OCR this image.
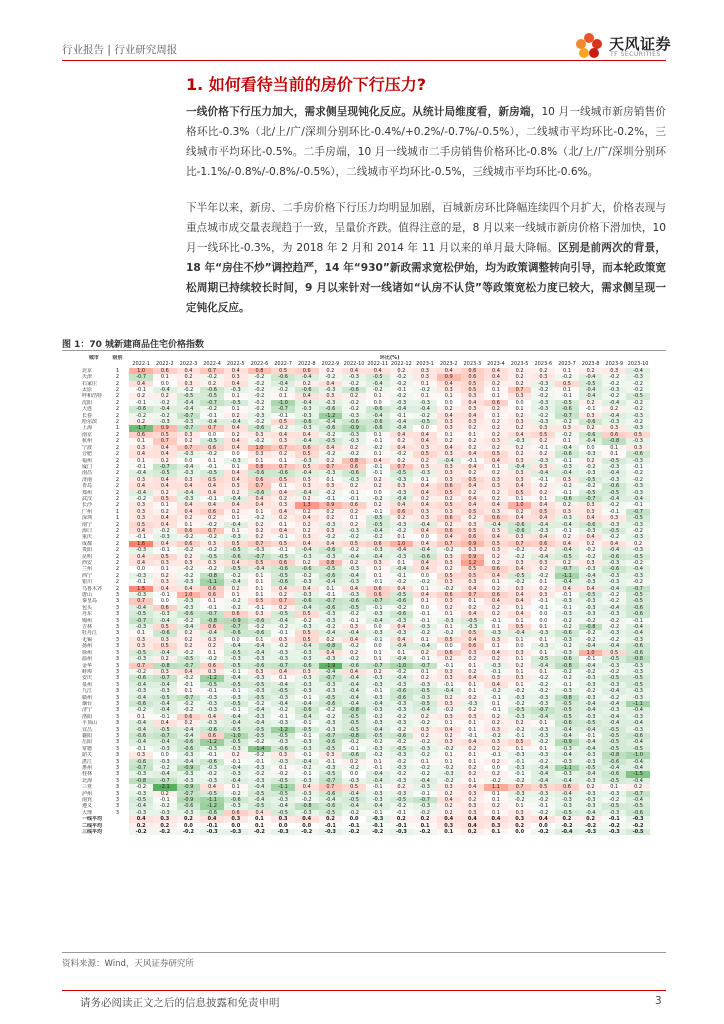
行业报告 | 行业研究周报	天风证券
TF SECURITIES
1. 如何看待当前的房价下行压力?
一线价格下行压力加大，需求侧呈现钝化反应。从统计局维度看，新房端，10 月一线城市新房销售价格环比-0.3%（北/上/广/深圳分别环比-0.4%/+0.2%/-0.7%/-0.5%），二线城市平均环比-0.2%，三线城市平均环比-0.5%。二手房端，10 月一线城市二手房销售价格环比-0.8%（北/上/广/深圳分别环比-1.1%/-0.8%/-0.8%/-0.5%），二线城市平均环比-0.5%，三线城市平均环比-0.6%。
下半年以来，新房、二手房价格下行压力均明显加剧，百城新房环比降幅连续四个月扩大，价格表现与重点城市成交量表现趋于一致，呈量价齐跌。值得注意的是，8 月以来一线城市新房价格下滑加快，10 月一线环比-0.3%，为 2018 年 2 月和 2014 年 11 月以来的单月最大降幅。区别是前两次的背景，18 年“房住不炒”调控趋严，14 年“930”新政需求宽松伊始，均为政策调整转向引导，而本轮政策宽松周期已持续较长时间，9 月以来针对一线诸如“认房不认贷”等政策宽松力度已较大，需求侧呈现一定钝化反应。
图 1：70 城新建商品住宅价格指数
城市	级别	环比(%)																					
		2022-1	2022-2	2022-3	2022-4	2022-5	2022-6	2022-7	2022-8	2022-9	2022-10	2022-11	2022-12	2023-1	2023-2	2023-3	2023-4	2023-5	2023-6	2023-7	2023-8	2023-9	2023-10
北京	1	1.0	0.6	0.4	0.7	0.4	0.8	0.5	0.6	0.2	0.4	0.4	0.2	0.3	0.4	0.6	0.4	0.2	0.2	0.1	0.2	0.3	-0.4
天津	2	-0.7	0.1	0.2	-0.2	0.3	-0.2	-0.6	-0.4	-0.2	-0.3	-0.5	-0.2	0.3	0.9	0.6	0.4	0.2	0.3	-0.2	-0.4	-0.2	-0.3
石家庄	2	0.4	0.0	0.3	0.2	0.4	-0.2	-0.4	0.2	0.4	-0.2	-0.4	-0.2	0.1	0.4	0.5	0.2	0.2	-0.3	0.5	-0.5	-0.2	-0.2
太原	2	-0.1	-0.4	-0.2	-0.6	-0.3	-0.2	-0.2	-0.6	-0.3	-0.6	-0.2	-0.1	-0.2	0.3	0.5	0.1	0.7	-0.2	0.1	-0.4	-0.3	-0.2
呼和浩特	2	0.2	0.2	-0.5	-0.5	0.1	-0.2	0.1	0.4	0.3	0.2	0.1	-0.2	0.1	0.1	0.3	0.1	0.3	-0.2	-0.1	-0.4	-0.2	-0.5
沈阳	2	-0.1	-0.2	-0.4	-0.7	-0.5	-0.2	-1.0	-0.4	-0.3	-0.2	0.0	-0.3	-0.3	0.0	0.4	0.6	0.0	-0.3	-0.5	0.2	-0.4	-0.2
大连	2	-0.6	-0.4	-0.4	-0.2	0.1	-0.2	-0.7	-0.3	-0.6	-0.2	-0.6	-0.4	-0.4	0.2	0.3	0.2	0.1	-0.3	-0.6	-0.1	0.2	-0.2
长春	2	-0.2	-0.2	-0.7	-0.1	0.2	-0.3	-0.1	-0.3	-1.2	-0.3	-0.4	-0.1	-0.2	0.4	0.4	0.1	0.2	-0.2	-0.7	0.3	-0.4	-0.3
哈尔滨	2	0.2	-0.3	-0.3	-0.4	-0.4	-0.2	0.5	-0.6	-0.4	-0.6	-0.6	-0.4	-0.5	0.3	0.3	0.2	0.3	-0.3	-0.2	-0.6	-0.3	-0.2
上海	1	-1.7	0.9	-0.7	0.7	0.4	-0.6	-0.2	-0.3	-0.6	-0.9	-0.6	-0.4	0.0	0.3	0.2	0.2	0.2	0.3	0.3	0.2	0.3	-0.3
南京	2	0.6	0.5	0.3	0.0	0.2	0.3	0.4	0.4	-0.2	-0.3	0.1	0.4	0.4	0.1	0.1	0.2	0.4	0.5	-0.2	-0.6	0.6	0.5
杭州	2	0.1	0.7	0.2	-0.5	0.4	-0.2	0.3	-0.4	-0.5	-0.3	-0.1	0.2	0.4	0.2	0.2	0.3	-0.3	0.2	0.1	-0.4	-0.8	-0.3
宁波	2	0.3	0.4	0.7	0.6	0.4	1.0	0.7	0.6	0.4	0.2	-0.2	0.4	0.3	0.4	0.2	0.2	0.2	-0.1	-0.4	0.0	0.1	0.3
合肥	2	0.4	0.4	-0.3	-0.2	0.0	0.3	0.2	0.5	-0.2	-0.2	0.1	-0.2	0.5	0.3	0.4	0.5	0.2	0.2	-0.6	-0.3	0.1	-0.6
福州	2	0.1	0.2	0.0	0.1	-0.3	0.1	0.1	-0.3	0.2	0.8	0.4	0.2	0.2	-0.4	-0.1	0.4	0.3	-0.3	-0.1	0.2	-0.5	-0.3
厦门	2	-0.1	-0.7	-0.4	-0.1	0.1	0.8	0.7	0.5	0.7	0.6	-0.1	0.7	0.3	0.3	0.4	0.1	-0.4	0.3	-0.3	-0.2	-0.3	-0.1
南昌	2	-0.4	-0.5	-0.3	-0.5	0.4	-0.6	-0.6	-0.4	-0.3	-0.6	-0.1	-0.5	-0.3	0.3	0.2	0.2	0.3	-0.4	-0.4	-0.3	-0.4	-0.2
济南	2	0.3	0.4	0.3	0.5	0.4	0.6	0.5	0.3	0.1	-0.3	0.2	-0.3	0.1	0.3	0.5	0.3	0.3	-0.1	0.3	-0.5	-0.3	-0.2
青岛	2	0.4	0.4	0.4	0.4	0.3	0.7	0.1	0.3	0.3	0.2	0.2	0.3	0.4	0.6	0.4	0.3	0.4	0.2	-0.2	-0.2	-0.6	-0.3
郑州	2	-0.4	0.2	-0.4	0.4	0.2	-0.6	0.4	-0.4	-0.2	-0.1	0.0	-0.3	0.4	0.5	0.2	0.2	0.5	0.2	-0.1	-0.5	-0.5	-0.3
武汉	2	-0.2	0.5	-0.3	-0.1	-0.4	0.4	0.2	0.2	-0.1	-0.1	-0.2	-0.4	0.2	0.2	0.4	0.2	0.1	0.1	-0.6	-0.7	-0.4	-0.4
长沙	2	0.3	0.1	0.4	0.4	0.4	0.4	0.3	1.3	0.9	0.6	0.2	0.4	0.4	0.5	0.4	0.4	1.0	0.4	0.2	0.3	-0.2	-0.1
广州	1	0.3	0.2	0.4	0.6	0.2	0.1	0.4	0.2	0.2	0.2	-0.1	0.6	0.3	0.3	0.5	0.3	0.2	0.5	0.3	0.3	-0.1	-0.7
深圳	1	0.3	0.4	0.2	0.2	0.1	-0.2	0.2	0.4	0.2	0.1	-0.5	0.2	0.3	0.6	0.2	0.6	0.4	0.4	-0.3	0.4	0.3	-0.5
南宁	2	0.5	0.4	0.1	-0.2	-0.4	0.2	0.1	0.2	-0.3	0.2	-0.5	-0.3	-0.4	0.2	0.3	-0.4	-0.6	-0.4	-0.4	-0.6	-0.3	-0.3
海口	2	0.4	-0.2	0.6	0.7	0.1	0.2	0.4	0.2	0.3	-0.3	-0.4	-0.2	0.4	0.6	0.5	0.3	-0.6	-0.3	-0.1	-0.3	-0.5	-0.2
重庆	2	-0.1	-0.3	-0.2	-0.2	-0.3	0.2	-0.1	0.3	-0.2	-0.2	-0.2	0.1	0.0	0.4	0.6	0.4	0.3	0.4	0.2	0.4	-0.2	-0.3
成都	2	1.6	0.4	0.6	0.3	0.5	0.7	0.5	0.4	0.4	0.5	0.6	1.0	0.4	0.7	0.9	0.5	0.7	0.6	0.4	0.2	0.4	0.2
贵阳	2	-0.3	-0.1	-0.2	-0.2	-0.5	-0.3	-0.1	-0.4	-0.6	-0.2	-0.3	-0.4	-0.4	-0.2	0.3	0.3	-0.2	0.2	-0.4	-0.2	-0.4	-0.3
昆明	2	0.4	0.5	0.2	-0.5	-0.6	-0.7	-0.5	-0.3	-0.3	-0.4	-0.4	-0.3	-0.6	0.3	0.9	0.2	-0.2	-0.4	-0.5	-0.2	-0.6	-0.5
西安	2	0.4	0.3	0.3	0.3	0.4	0.5	0.6	0.2	0.8	0.2	0.3	0.1	0.4	0.3	1.2	0.2	0.3	0.3	0.2	0.3	-0.3	-0.2
兰州	2	0.0	0.1	-0.2	-0.2	-0.5	-0.4	-0.6	-0.6	-0.5	-0.3	0.1	-0.4	0.4	0.2	0.5	0.6	0.4	0.2	-0.7	-0.3	-0.6	-0.4
西宁	2	-0.3	0.2	-0.2	-0.8	-0.2	0.1	-0.5	-0.2	-0.6	-0.4	0.1	-0.1	0.0	0.5	0.5	0.4	-0.5	-0.2	-1.1	-0.4	-0.3	-0.3
银川	2	-0.1	0.3	-0.3	-1.1	-0.4	0.1	-0.6	-0.3	-0.4	-0.3	-0.1	-0.2	-0.2	0.3	0.3	0.1	-0.2	0.1	-0.4	-0.3	-0.3	-0.2
乌鲁木齐	2	1.5	0.4	0.4	0.6	0.2	0.1	0.4	0.4	0.1	0.4	0.6	0.4	0.1	-0.2	0.4	0.2	0.3	0.2	0.4	0.4	-0.4	-0.7
唐山	3	-0.3	-0.1	1.0	0.6	0.1	0.1	0.2	-0.3	-0.1	-0.3	0.6	-0.5	0.4	0.6	0.7	0.6	0.4	0.3	-0.1	-0.5	-0.2	-0.5
秦皇岛	3	0.7	0.0	-0.3	0.1	-0.2	0.5	0.7	-0.6	-0.7	-0.6	-0.7	-0.6	0.1	0.3	0.1	0.4	0.4	-0.1	-0.3	-0.3	-0.2	-0.5
包头	3	-0.4	0.6	-0.3	-0.1	-0.2	-0.1	0.2	-0.4	-0.6	-0.5	-0.1	-0.2	0.0	0.2	0.2	0.2	0.1	-0.1	-0.1	-0.3	-0.4	-0.6
丹东	3	-0.5	-0.3	-0.6	-0.7	0.6	0.3	-0.5	0.5	-0.3	-0.2	-0.3	-0.6	-0.1	0.1	0.4	0.2	0.4	0.0	-0.3	-0.3	-0.3	-0.6
锦州	3	-0.7	-0.4	-0.2	-0.8	-0.9	-0.6	-0.4	-0.2	-0.3	-0.1	-0.4	-0.3	-0.1	-0.3	-0.5	-0.1	0.1	0.0	-0.2	-0.2	-0.2	-0.1
吉林	3	-0.3	0.5	-0.4	0.6	-0.7	-0.2	-0.2	-0.3	-0.2	0.3	0.0	0.4	-0.3	0.1	-0.3	0.1	0.5	0.1	-0.2	-0.8	-0.2	-0.4
牡丹江	3	0.1	-0.6	0.2	-0.4	-0.6	-0.6	-0.1	0.5	-0.4	-0.4	-0.3	-0.3	-0.2	-0.2	0.5	-0.3	-0.4	-0.3	-0.6	-0.2	-0.3	-0.4
无锡	3	0.3	0.3	0.2	0.3	0.0	0.1	0.3	0.5	0.2	0.4	-0.1	0.4	0.1	0.5	0.4	0.3	0.1	0.1	-0.3	-0.2	-0.2	-0.3
扬州	3	0.3	0.5	0.2	0.2	-0.4	-0.4	-0.2	-0.4	-0.8	-0.2	0.0	-0.4	-0.4	0.0	0.6	0.1	0.0	-0.3	-0.2	-0.4	-0.4	-0.6
徐州	3	-0.5	-0.4	-0.2	0.1	-0.5	-0.4	-0.3	-0.3	0.4	0.2	0.1	0.1	0.2	0.6	0.3	0.4	0.3	0.1	-0.3	1.0	0.5	-0.6
温州	3	-0.3	0.2	-0.5	-0.2	-0.3	-0.3	-0.3	-0.3	-0.3	-0.2	0.1	-0.4	-0.1	0.2	0.2	0.2	0.1	-0.5	-0.6	-0.1	-0.5	-0.8
金华	3	0.7	-0.8	-0.7	0.6	-0.5	-0.6	-0.7	-0.6	-1.9	-0.6	-0.7	-1.0	-0.7	-0.1	0.1	-0.3	0.2	-0.4	-0.8	-0.4	-0.3	-0.3
蚌埠	3	-0.2	0.3	0.4	0.3	-0.1	0.3	0.4	0.3	-0.4	0.4	0.2	-0.2	0.1	0.3	0.2	-0.1	0.1	0.1	-0.2	-0.2	-0.2	-0.3
安庆	3	-0.6	-0.7	-0.2	-1.2	-0.4	-0.3	0.1	-0.3	-0.7	-0.4	-0.3	-0.4	0.2	0.3	0.4	0.3	0.3	-0.2	-0.2	-0.3	-0.5	-0.5
泉州	3	-0.4	-0.4	-0.1	-0.5	-0.5	-0.5	-0.4	-0.3	-0.3	-0.4	-0.3	-0.3	-0.3	-0.1	0.1	0.4	0.1	-0.2	-0.1	-0.3	-0.3	-0.5
九江	3	-0.3	-0.3	0.1	-0.1	-0.1	-0.3	-0.5	-0.3	-0.3	-0.4	-0.1	-0.6	-0.5	-0.4	0.1	-0.2	-0.2	-0.2	-0.3	-0.2	-0.4	-0.3
赣州	3	-0.4	-0.5	-0.7	-0.3	-0.3	-0.5	-0.3	-0.1	-0.5	-0.4	-0.3	-0.6	-0.3	0.2	0.2	-0.1	-0.3	-0.3	-0.8	-0.3	-0.2	-0.3
烟台	3	-0.6	-0.4	-0.2	-0.3	-0.5	-0.2	-0.4	-0.4	-0.6	-0.4	-0.4	-0.3	-0.5	0.3	-0.3	0.1	-0.2	-0.3	-0.5	-0.4	-0.4	-1.1
济宁	3	-0.2	-0.4	-0.2	-0.3	-0.1	-0.4	-0.2	-0.6	-0.2	-0.8	-0.3	-0.3	-0.4	-0.2	0.2	-0.1	-0.5	-0.7	-0.5	-0.4	-0.3	-0.4
洛阳	3	0.1	-0.1	0.6	0.4	-0.4	-0.3	-0.1	-0.4	-0.2	-0.5	-0.2	-0.2	0.2	0.3	0.3	0.2	-0.3	-0.4	-0.5	-0.3	-0.4	-0.3
平顶山	3	-0.4	0.4	0.2	-0.3	-0.4	-0.4	-0.3	-0.1	-0.3	-0.5	-0.3	-0.3	-0.2	0.1	0.1	0.2	0.2	0.1	-0.6	-0.5	-0.4	-0.4
宜昌	3	-0.4	-0.5	-0.4	-0.6	-0.5	-0.5	-1.2	-0.5	-0.3	-0.5	-0.4	-0.2	0.3	0.4	0.1	0.3	-0.2	-0.3	-0.4	-0.4	-0.5	-0.3
襄阳	3	-0.6	-0.7	-0.4	0.6	-1.0	-0.5	-0.5	-0.1	-0.7	-0.8	-0.5	-0.6	0.2	0.2	-0.1	-0.2	-0.1	-0.3	-0.4	-0.1	-0.5	-0.6
岳阳	3	-0.4	-0.4	-0.6	-1.2	-0.5	-0.2	-0.3	-0.3	-0.6	-0.2	-0.2	-0.2	-0.2	0.3	0.4	0.3	0.5	-0.2	-0.9	-0.4	-0.5	-0.4
常德	3	-0.1	-0.3	-0.6	-0.3	-0.3	-1.4	-0.6	-0.3	-0.5	-0.1	-0.3	-0.5	-0.3	-0.2	0.2	0.2	0.1	0.1	-0.3	-0.4	-0.5	-0.5
韶关	3	0.3	0.0	-0.3	-0.1	0.2	-0.2	0.3	-0.1	0.3	-0.6	-0.2	-0.3	-0.2	0.1	0.1	-0.1	-0.3	-0.3	-0.4	-0.3	-0.8	-1.0
湛江	3	-0.6	-0.3	-0.4	-0.6	-0.1	-0.1	-0.3	-0.4	-0.1	0.2	0.1	-0.2	0.1	0.1	0.1	0.2	-0.1	-0.2	-0.3	-0.3	-0.6	-0.4
惠州	3	-0.7	-0.2	-0.9	-0.3	-0.4	-0.3	0.1	-0.2	-0.3	-0.2	-0.1	-0.3	-0.2	-0.2	0.2	0.0	-0.3	-0.4	-1.1	-0.5	-0.4	-0.4
桂林	3	-0.3	-0.4	-0.3	-0.2	-0.3	-0.2	-0.2	-0.1	-0.5	0.0	-0.4	-0.2	-0.2	-0.3	0.2	0.2	-0.1	-0.4	-0.3	-0.4	-0.6	-1.5
北海	3	-0.8	-0.7	-0.3	-0.3	-0.4	-0.3	-0.5	-0.3	-0.7	-0.3	-0.4	-0.3	-0.4	-0.2	0.1	-0.2	-0.2	-0.4	-0.4	-0.3	-0.5	-0.4
三亚	3	-0.2	-2.1	-0.9	0.4	0.1	-0.4	-1.1	0.4	0.7	0.5	-0.1	0.2	-0.3	0.3	0.4	1.1	0.7	0.5	0.6	0.2	0.1	0.2
泸州	3	-0.3	0.2	-0.7	-0.5	-0.2	-0.5	-0.5	-0.3	-0.6	-0.4	-0.3	-0.3	-0.1	0.2	0.3	0.1	-0.3	-0.3	-0.4	-0.3	-0.3	-0.7
南充	3	-0.5	-0.1	-0.9	-1.1	-0.6	-0.4	-0.3	-0.2	-0.4	-0.5	-0.3	-0.5	-0.7	0.4	0.2	0.1	-0.2	-0.2	-0.3	-0.3	-0.2	-0.4
遵义	3	-0.4	-0.2	-0.6	-1.2	-0.3	-0.5	-0.4	-0.8	-0.6	-0.4	-0.4	-0.2	-0.3	0.2	0.3	0.2	0.1	-0.1	-0.3	-0.3	-0.5	-0.5
大理	3	-0.3	-0.3	-0.3	-0.6	0.6	0.4	-0.5	-0.3	-0.5	-0.2	-0.1	-0.1	-0.2	0.2	0.3	0.1	0.3	-0.2	-0.5	-0.4	-0.3	-0.6
一线平均		0.4	0.3	0.2	0.4	0.3	0.1	0.3	0.4	0.2	0.0	-0.3	0.2	0.2	0.4	0.4	0.4	0.3	0.4	0.2	0.2	-0.1	-0.3
二线平均		0.2	0.2	0.0	-0.1	0.0	0.1	0.0	0.0	-0.1	-0.1	-0.1	-0.1	0.1	0.3	0.4	0.3	0.2	0.0	-0.2	-0.2	-0.2	-0.2
三线平均		-0.2	-0.2	-0.2	-0.3	-0.3	-0.2	-0.3	-0.2	-0.3	-0.2	-0.2	-0.3	-0.2	0.1	0.2	0.1	0.0	-0.2	-0.4	-0.3	-0.3	-0.5
资料来源：Wind，天风证券研究所
请务必阅读正文之后的信息披露和免责申明	3
